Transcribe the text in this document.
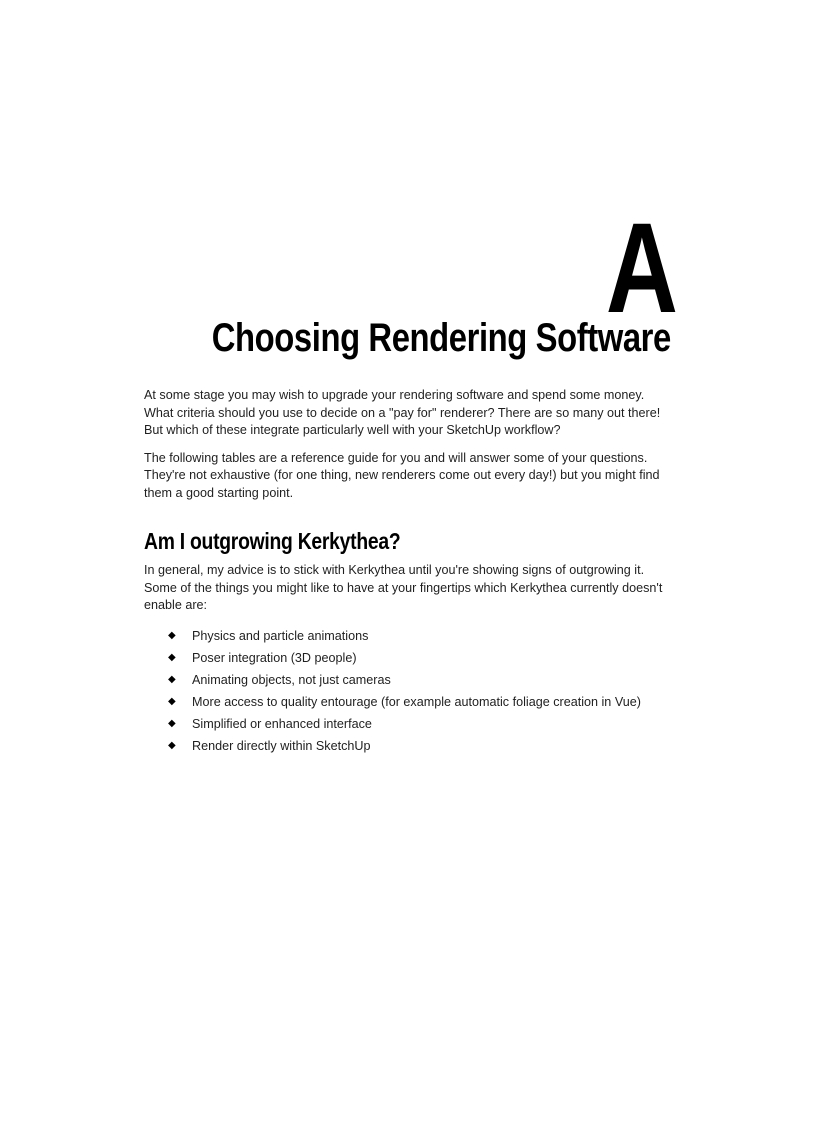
A
Choosing Rendering Software

At some stage you may wish to upgrade your rendering software and spend some money. What criteria should you use to decide on a "pay for" renderer? There are so many out there! But which of these integrate particularly well with your SketchUp workflow?

The following tables are a reference guide for you and will answer some of your questions. They're not exhaustive (for one thing, new renderers come out every day!) but you might find them a good starting point.

Am I outgrowing Kerkythea?

In general, my advice is to stick with Kerkythea until you're showing signs of outgrowing it. Some of the things you might like to have at your fingertips which Kerkythea currently doesn't enable are:

◆ Physics and particle animations
◆ Poser integration (3D people)
◆ Animating objects, not just cameras
◆ More access to quality entourage (for example automatic foliage creation in Vue)
◆ Simplified or enhanced interface
◆ Render directly within SketchUp
